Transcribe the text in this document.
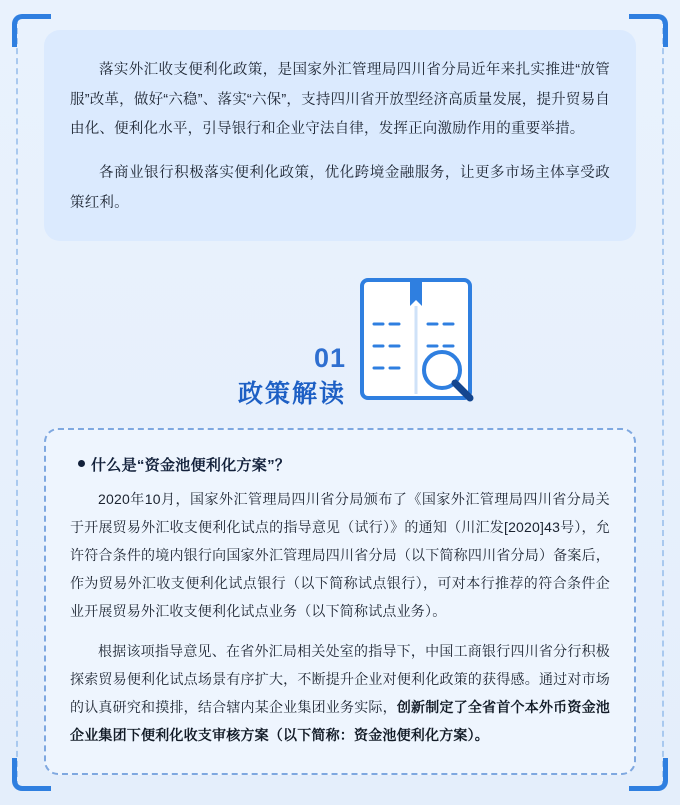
落实外汇收支便利化政策，是国家外汇管理局四川省分局近年来扎实推进“放管服”改革，做好“六稳”、落实“六保”，支持四川省开放型经济高质量发展，提升贸易自由化、便利化水平，引导银行和企业守法自律，发挥正向激励作用的重要举措。

各商业银行积极落实便利化政策，优化跨境金融服务，让更多市场主体享受政策红利。

01
政策解读
什么是“资金池便利化方案”？

2020年10月，国家外汇管理局四川省分局颁布了《国家外汇管理局四川省分局关于开展贸易外汇收支便利化试点的指导意见（试行）》的通知（川汇发[2020]43号），允许符合条件的境内银行向国家外汇管理局四川省分局（以下简称四川省分局）备案后，作为贸易外汇收支便利化试点银行（以下简称试点银行），可对本行推荐的符合条件企业开展贸易外汇收支便利化试点业务（以下简称试点业务）。

根据该项指导意见、在省外汇局相关处室的指导下，中国工商银行四川省分行积极探索贸易便利化试点场景有序扩大，不断提升企业对便利化政策的获得感。通过对市场的认真研究和摸排，结合辖内某企业集团业务实际，创新制定了全省首个本外币资金池企业集团下便利化收支审核方案（以下简称：资金池便利化方案）。
